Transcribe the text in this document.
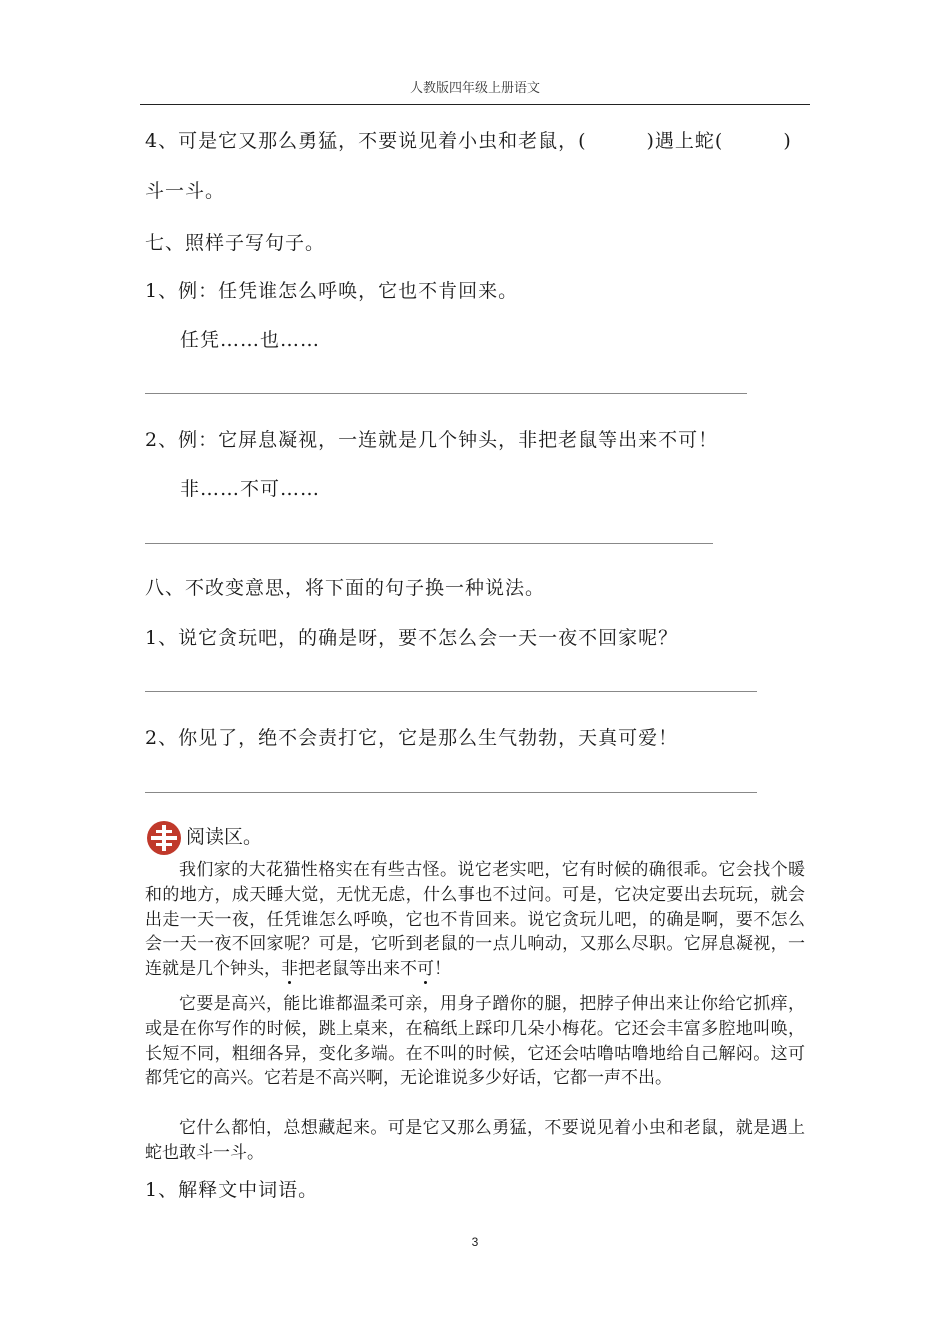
人教版四年级上册语文
4、可是它又那么勇猛，不要说见着小虫和老鼠，(　　　)遇上蛇(　　　)
斗一斗。
七、照样子写句子。
1、例：任凭谁怎么呼唤，它也不肯回来。
任凭……也……
2、例：它屏息凝视，一连就是几个钟头，非把老鼠等出来不可！
非……不可……
八、不改变意思，将下面的句子换一种说法。
1、说它贪玩吧，的确是呀，要不怎么会一天一夜不回家呢？
2、你见了，绝不会责打它，它是那么生气勃勃，天真可爱！
阅读区。
我们家的大花猫性格实在有些古怪。说它老实吧，它有时候的确很乖。它会找个暖和的地方，成天睡大觉，无忧无虑，什么事也不过问。可是，它决定要出去玩玩，就会出走一天一夜，任凭谁怎么呼唤，它也不肯回来。说它贪玩儿吧，的确是啊，要不怎么会一天一夜不回家呢？可是，它听到老鼠的一点儿响动，又那么尽职。它屏息凝视，一连就是几个钟头，非把老鼠等出来不可！
它要是高兴，能比谁都温柔可亲，用身子蹭你的腿，把脖子伸出来让你给它抓痒，或是在你写作的时候，跳上桌来，在稿纸上踩印几朵小梅花。它还会丰富多腔地叫唤，长短不同，粗细各异，变化多端。在不叫的时候，它还会咕噜咕噜地给自己解闷。这可都凭它的高兴。它若是不高兴啊，无论谁说多少好话，它都一声不出。
它什么都怕，总想藏起来。可是它又那么勇猛，不要说见着小虫和老鼠，就是遇上蛇也敢斗一斗。
1、解释文中词语。
3
